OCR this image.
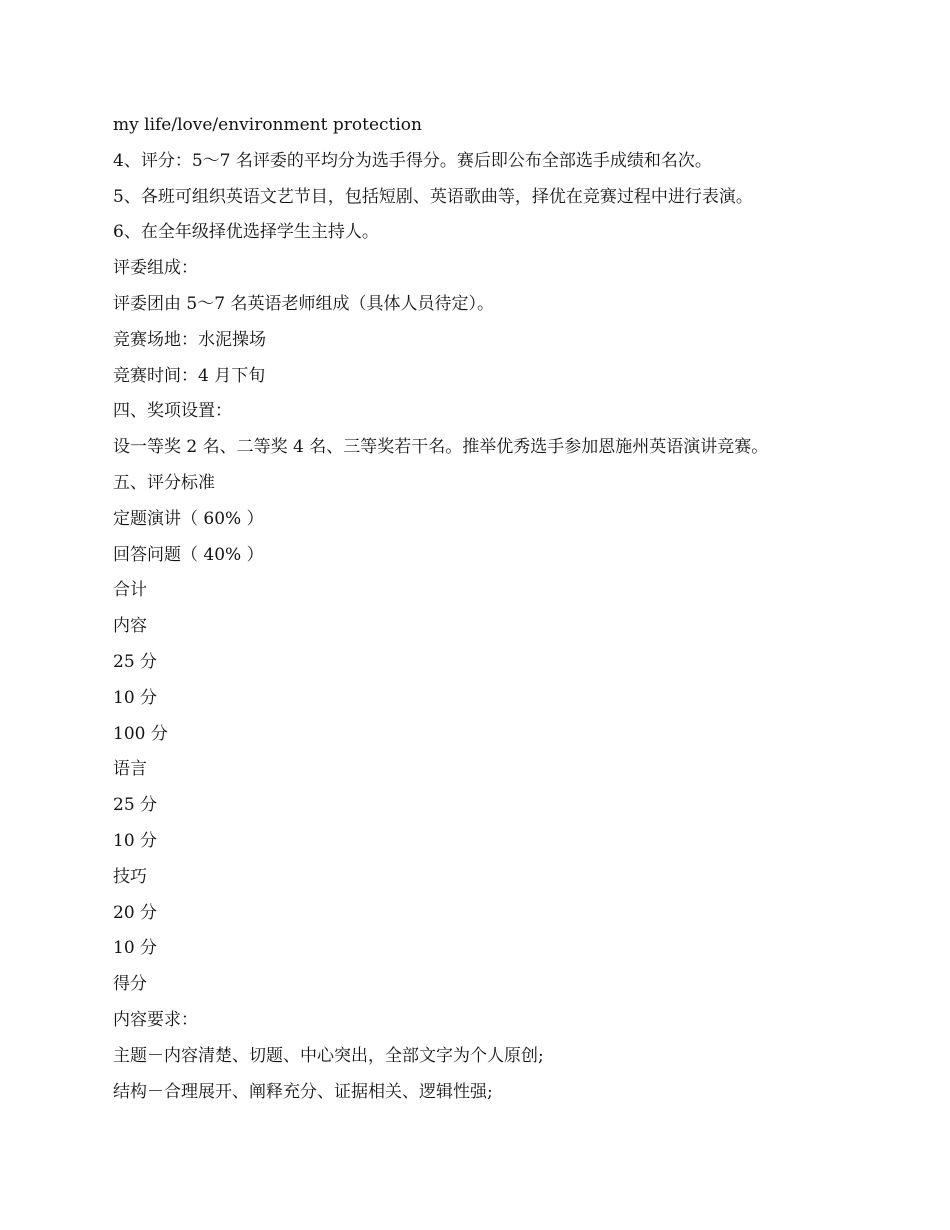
my life/love/environment protection
4、评分：5～7 名评委的平均分为选手得分。赛后即公布全部选手成绩和名次。
5、各班可组织英语文艺节目，包括短剧、英语歌曲等，择优在竞赛过程中进行表演。
6、在全年级择优选择学生主持人。
评委组成：
评委团由 5～7 名英语老师组成（具体人员待定）。
竞赛场地：水泥操场
竞赛时间：4 月下旬
四、奖项设置：
设一等奖 2 名、二等奖 4 名、三等奖若干名。推举优秀选手参加恩施州英语演讲竞赛。
五、评分标准
定题演讲（ 60% ）
回答问题（ 40% ）
合计
内容
25 分
10 分
100 分
语言
25 分
10 分
技巧
20 分
10 分
得分
内容要求：
主题－内容清楚、切题、中心突出，全部文字为个人原创;
结构－合理展开、阐释充分、证据相关、逻辑性强;
